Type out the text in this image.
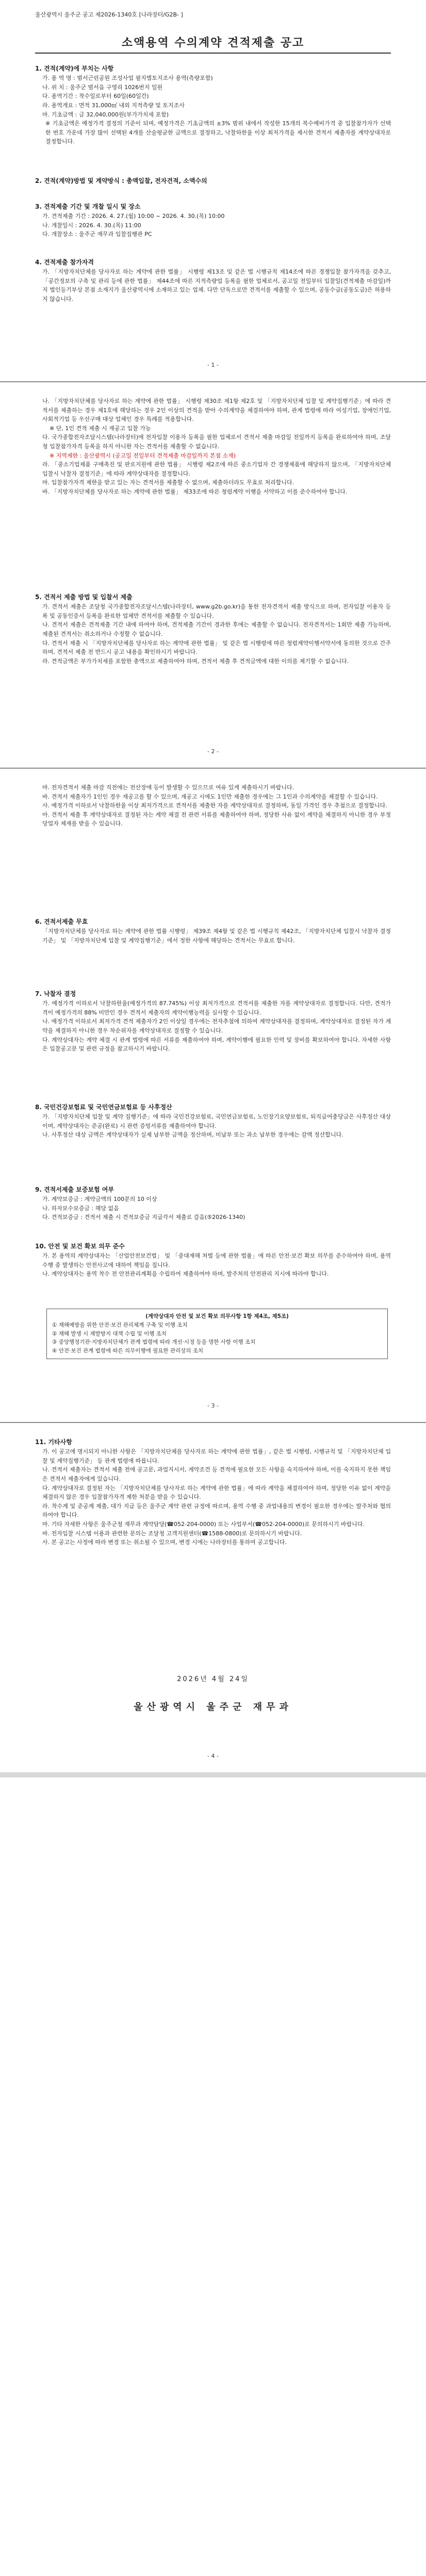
울산광역시 울주군 공고 제2026-1340호 [나라장터/G2B- ]
소액용역 수의계약 견적제출 공고
1. 견적(계약)에 부치는 사항

가. 용 역 명 : 범서근린공원 조성사업 필지별토지조사 용역(측량포함)

나. 위 치 : 울주군 범서읍 구영리 1026번지 일원

다. 용역기간 : 착수일로부터 60일(60일간)

라. 용역개요 : 면적 31,000㎡ 내외 지적측량 및 토지조사

마. 기초금액 : 금 32,040,000원(부가가치세 포함)

※ 기초금액은 예정가격 결정의 기준이 되며, 예정가격은 기초금액의 ±3% 범위 내에서 작성한 15개의 복수예비가격 중 입찰참가자가 선택한 번호 가운데 가장 많이 선택된 4개를 산술평균한 금액으로 결정하고, 낙찰하한율 이상 최저가격을 제시한 견적서 제출자를 계약상대자로 결정합니다.

2. 견적(계약)방법 및 계약방식 : 총액입찰, 전자견적, 소액수의
3. 견적제출 기간 및 개찰 일시 및 장소

가. 견적제출 기간 : 2026. 4. 27.(월) 10:00 ~ 2026. 4. 30.(목) 10:00

나. 개찰일시 : 2026. 4. 30.(목) 11:00

다. 개찰장소 : 울주군 재무과 입찰집행관 PC

4. 견적제출 참가자격

가. 「지방자치단체를 당사자로 하는 계약에 관한 법률」 시행령 제13조 및 같은 법 시행규칙 제14조에 따른 경쟁입찰 참가자격을 갖추고, 「공간정보의 구축 및 관리 등에 관한 법률」 제44조에 따른 지적측량업 등록을 필한 업체로서, 공고일 전일부터 입찰일(견적제출 마감일)까지 법인등기부상 본점 소재지가 울산광역시에 소재하고 있는 업체. 다만 단독으로만 견적서를 제출할 수 있으며, 공동수급(공동도급)은 허용하지 않습니다.

- 1 -

나. 「지방자치단체를 당사자로 하는 계약에 관한 법률」 시행령 제30조 제1항 제2호 및 「지방자치단체 입찰 및 계약집행기준」에 따라 견적서를 제출하는 경우 제1호에 해당하는 경우 2인 이상의 견적을 받아 수의계약을 체결하여야 하며, 관계 법령에 따라 여성기업, 장애인기업, 사회적기업 등 우선구매 대상 업체인 경우 특례를 적용합니다.

※ 단, 1인 견적 제출 시 재공고 입찰 가능

다. 국가종합전자조달시스템(나라장터)에 전자입찰 이용자 등록을 필한 업체로서 견적서 제출 마감일 전일까지 등록을 완료하여야 하며, 조달청 입찰참가자격 등록을 하지 아니한 자는 견적서를 제출할 수 없습니다.

※ 지역제한 : 울산광역시 (공고일 전일부터 견적제출 마감일까지 본점 소재)

라. 「중소기업제품 구매촉진 및 판로지원에 관한 법률」 시행령 제2조에 따른 중소기업자 간 경쟁제품에 해당하지 않으며, 「지방자치단체 입찰시 낙찰자 결정기준」에 따라 계약상대자를 결정합니다.

마. 입찰참가자격 제한을 받고 있는 자는 견적서를 제출할 수 없으며, 제출하더라도 무효로 처리합니다.

바. 「지방자치단체를 당사자로 하는 계약에 관한 법률」 제33조에 따른 청렴계약 이행을 서약하고 이를 준수하여야 합니다.

5. 견적서 제출 방법 및 입찰서 제출

가. 견적서 제출은 조달청 국가종합전자조달시스템(나라장터, www.g2b.go.kr)을 통한 전자견적서 제출 방식으로 하며, 전자입찰 이용자 등록 및 공동인증서 등록을 완료한 업체만 견적서를 제출할 수 있습니다.

나. 견적서 제출은 견적제출 기간 내에 하여야 하며, 견적제출 기간이 경과한 후에는 제출할 수 없습니다. 전자견적서는 1회만 제출 가능하며, 제출된 견적서는 취소하거나 수정할 수 없습니다.

다. 견적서 제출 시 「지방자치단체를 당사자로 하는 계약에 관한 법률」 및 같은 법 시행령에 따른 청렴계약이행서약서에 동의한 것으로 간주하며, 견적서 제출 전 반드시 공고 내용을 확인하시기 바랍니다.

라. 견적금액은 부가가치세를 포함한 총액으로 제출하여야 하며, 견적서 제출 후 견적금액에 대한 이의를 제기할 수 없습니다.

- 2 -

마. 전자견적서 제출 마감 직전에는 전산장애 등이 발생할 수 있으므로 여유 있게 제출하시기 바랍니다.

바. 견적서 제출자가 1인인 경우 재공고를 할 수 있으며, 재공고 시에도 1인만 제출한 경우에는 그 1인과 수의계약을 체결할 수 있습니다.

사. 예정가격 이하로서 낙찰하한율 이상 최저가격으로 견적서를 제출한 자를 계약상대자로 결정하며, 동일 가격인 경우 추첨으로 결정합니다.

아. 견적서 제출 후 계약상대자로 결정된 자는 계약 체결 전 관련 서류를 제출하여야 하며, 정당한 사유 없이 계약을 체결하지 아니한 경우 부정당업자 제재를 받을 수 있습니다.

6. 견적서제출 무효

「지방자치단체를 당사자로 하는 계약에 관한 법률 시행령」 제39조 제4항 및 같은 법 시행규칙 제42조, 「지방자치단체 입찰시 낙찰자 결정기준」 및 「지방자치단체 입찰 및 계약집행기준」에서 정한 사항에 해당하는 견적서는 무효로 합니다.

7. 낙찰자 결정

가. 예정가격 이하로서 낙찰하한율(예정가격의 87.745%) 이상 최저가격으로 견적서를 제출한 자를 계약상대자로 결정합니다. 다만, 견적가격이 예정가격의 88% 미만인 경우 견적서 제출자의 계약이행능력을 심사할 수 있습니다.

나. 예정가격 이하로서 최저가격 견적 제출자가 2인 이상일 경우에는 전자추첨에 의하여 계약상대자를 결정하며, 계약상대자로 결정된 자가 계약을 체결하지 아니한 경우 차순위자를 계약상대자로 결정할 수 있습니다.

다. 계약상대자는 계약 체결 시 관계 법령에 따른 서류를 제출하여야 하며, 계약이행에 필요한 인력 및 장비를 확보하여야 합니다. 자세한 사항은 입찰공고문 및 관련 규정을 참고하시기 바랍니다.

8. 국민건강보험료 및 국민연금보험료 등 사후정산

가. 「지방자치단체 입찰 및 계약 집행기준」에 따라 국민건강보험료, 국민연금보험료, 노인장기요양보험료, 퇴직급여충당금은 사후정산 대상이며, 계약상대자는 준공(완료) 시 관련 증빙서류를 제출하여야 합니다.

나. 사후정산 대상 금액은 계약상대자가 실제 납부한 금액을 정산하며, 미납부 또는 과소 납부한 경우에는 감액 정산합니다.

9. 견적서제출 보증보험 여부

가. 계약보증금 : 계약금액의 100분의 10 이상

나. 하자보수보증금 : 해당 없음

다. 견적보증금 : 견적서 제출 시 견적보증금 지급각서 제출로 갈음(⑤2026-1340)

10. 안전 및 보건 확보 의무 준수

가. 본 용역의 계약상대자는 「산업안전보건법」 및 「중대재해 처벌 등에 관한 법률」에 따른 안전·보건 확보 의무를 준수하여야 하며, 용역 수행 중 발생하는 안전사고에 대하여 책임을 집니다.

나. 계약상대자는 용역 착수 전 안전관리계획을 수립하여 제출하여야 하며, 발주처의 안전관리 지시에 따라야 합니다.

(계약상대자 안전 및 보건 확보 의무사항 1항 제4조, 제5조)
① 재해예방을 위한 안전·보건 관리체계 구축 및 이행 조치
② 재해 발생 시 재발방지 대책 수립 및 이행 조치
③ 중앙행정기관·지방자치단체가 관계 법령에 따라 개선·시정 등을 명한 사항 이행 조치
④ 안전·보건 관계 법령에 따른 의무이행에 필요한 관리상의 조치
- 3 -
11. 기타사항

가. 이 공고에 명시되지 아니한 사항은 「지방자치단체를 당사자로 하는 계약에 관한 법률」, 같은 법 시행령, 시행규칙 및 「지방자치단체 입찰 및 계약집행기준」 등 관계 법령에 따릅니다.

나. 견적서 제출자는 견적서 제출 전에 공고문, 과업지시서, 계약조건 등 견적에 필요한 모든 사항을 숙지하여야 하며, 이를 숙지하지 못한 책임은 견적서 제출자에게 있습니다.

다. 계약상대자로 결정된 자는 「지방자치단체를 당사자로 하는 계약에 관한 법률」에 따라 계약을 체결하여야 하며, 정당한 이유 없이 계약을 체결하지 않은 경우 입찰참가자격 제한 처분을 받을 수 있습니다.

라. 착수계 및 준공계 제출, 대가 지급 등은 울주군 계약 관련 규정에 따르며, 용역 수행 중 과업내용의 변경이 필요한 경우에는 발주처와 협의하여야 합니다.

마. 기타 자세한 사항은 울주군청 재무과 계약담당(☎052-204-0000) 또는 사업부서(☎052-204-0000)로 문의하시기 바랍니다.

바. 전자입찰 시스템 이용과 관련한 문의는 조달청 고객지원센터(☎1588-0800)로 문의하시기 바랍니다.

사. 본 공고는 사정에 따라 변경 또는 취소될 수 있으며, 변경 시에는 나라장터를 통하여 공고합니다.

2026년 4월 24일
울산광역시 울주군 재무과
- 4 -
